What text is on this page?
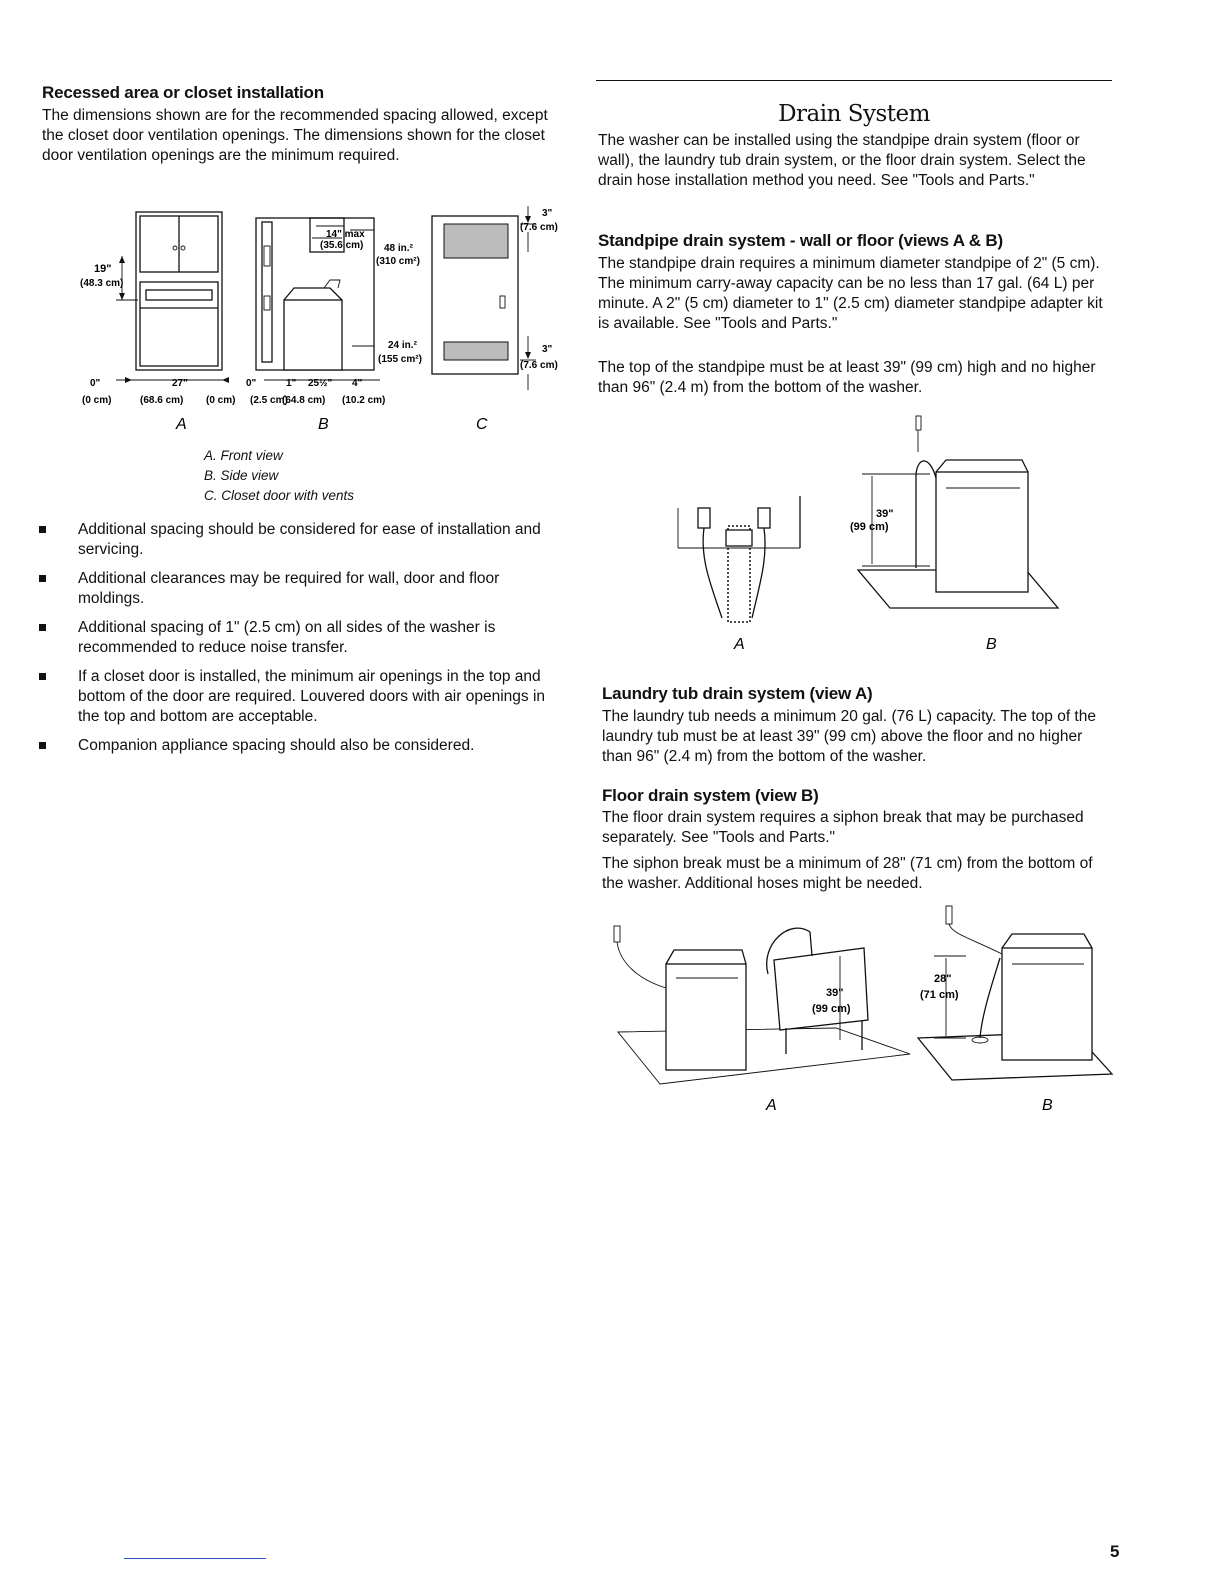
Recessed area or closet installation

The dimensions shown are for the recommended spacing allowed, except the closet door ventilation openings. The dimensions shown for the closet door ventilation openings are the minimum required.

19"
(48.3 cm)
14" max
(35.6 cm) 48 in.²
(310 cm²)
24 in.²
(155 cm²)
3"
(7.6 cm)
3"
(7.6 cm)
0"
(0 cm)
27"
(68.6 cm)
0"
(0 cm)
1"
(2.5 cm)
25½"
(64.8 cm)
4"
(10.2 cm)
A	B	C
A. Front view
B. Side view
C. Closet door with vents
Additional spacing should be considered for ease of installation and servicing.
Additional clearances may be required for wall, door and floor moldings.
Additional spacing of 1" (2.5 cm) on all sides of the washer is recommended to reduce noise transfer.
If a closet door is installed, the minimum air openings in the top and bottom of the door are required. Louvered doors with air openings in the top and bottom are acceptable.
Companion appliance spacing should also be considered.
Drain System

The washer can be installed using the standpipe drain system (floor or wall), the laundry tub drain system, or the floor drain system. Select the drain hose installation method you need. See "Tools and Parts."

Standpipe drain system - wall or floor (views A & B)

The standpipe drain requires a minimum diameter standpipe of 2" (5 cm). The minimum carry-away capacity can be no less than 17 gal. (64 L) per minute. A 2" (5 cm) diameter to 1" (2.5 cm) diameter standpipe adapter kit is available. See "Tools and Parts."

The top of the standpipe must be at least 39" (99 cm) high and no higher than 96" (2.4 m) from the bottom of the washer.

39"
(99 cm)
A	B
Laundry tub drain system (view A)

The laundry tub needs a minimum 20 gal. (76 L) capacity. The top of the laundry tub must be at least 39" (99 cm) above the floor and no higher than 96" (2.4 m) from the bottom of the washer.

Floor drain system (view B)

The floor drain system requires a siphon break that may be purchased separately. See "Tools and Parts."

The siphon break must be a minimum of 28" (71 cm) from the bottom of the washer. Additional hoses might be needed.

39"
(99 cm)
28"
(71 cm)
A	B
5
